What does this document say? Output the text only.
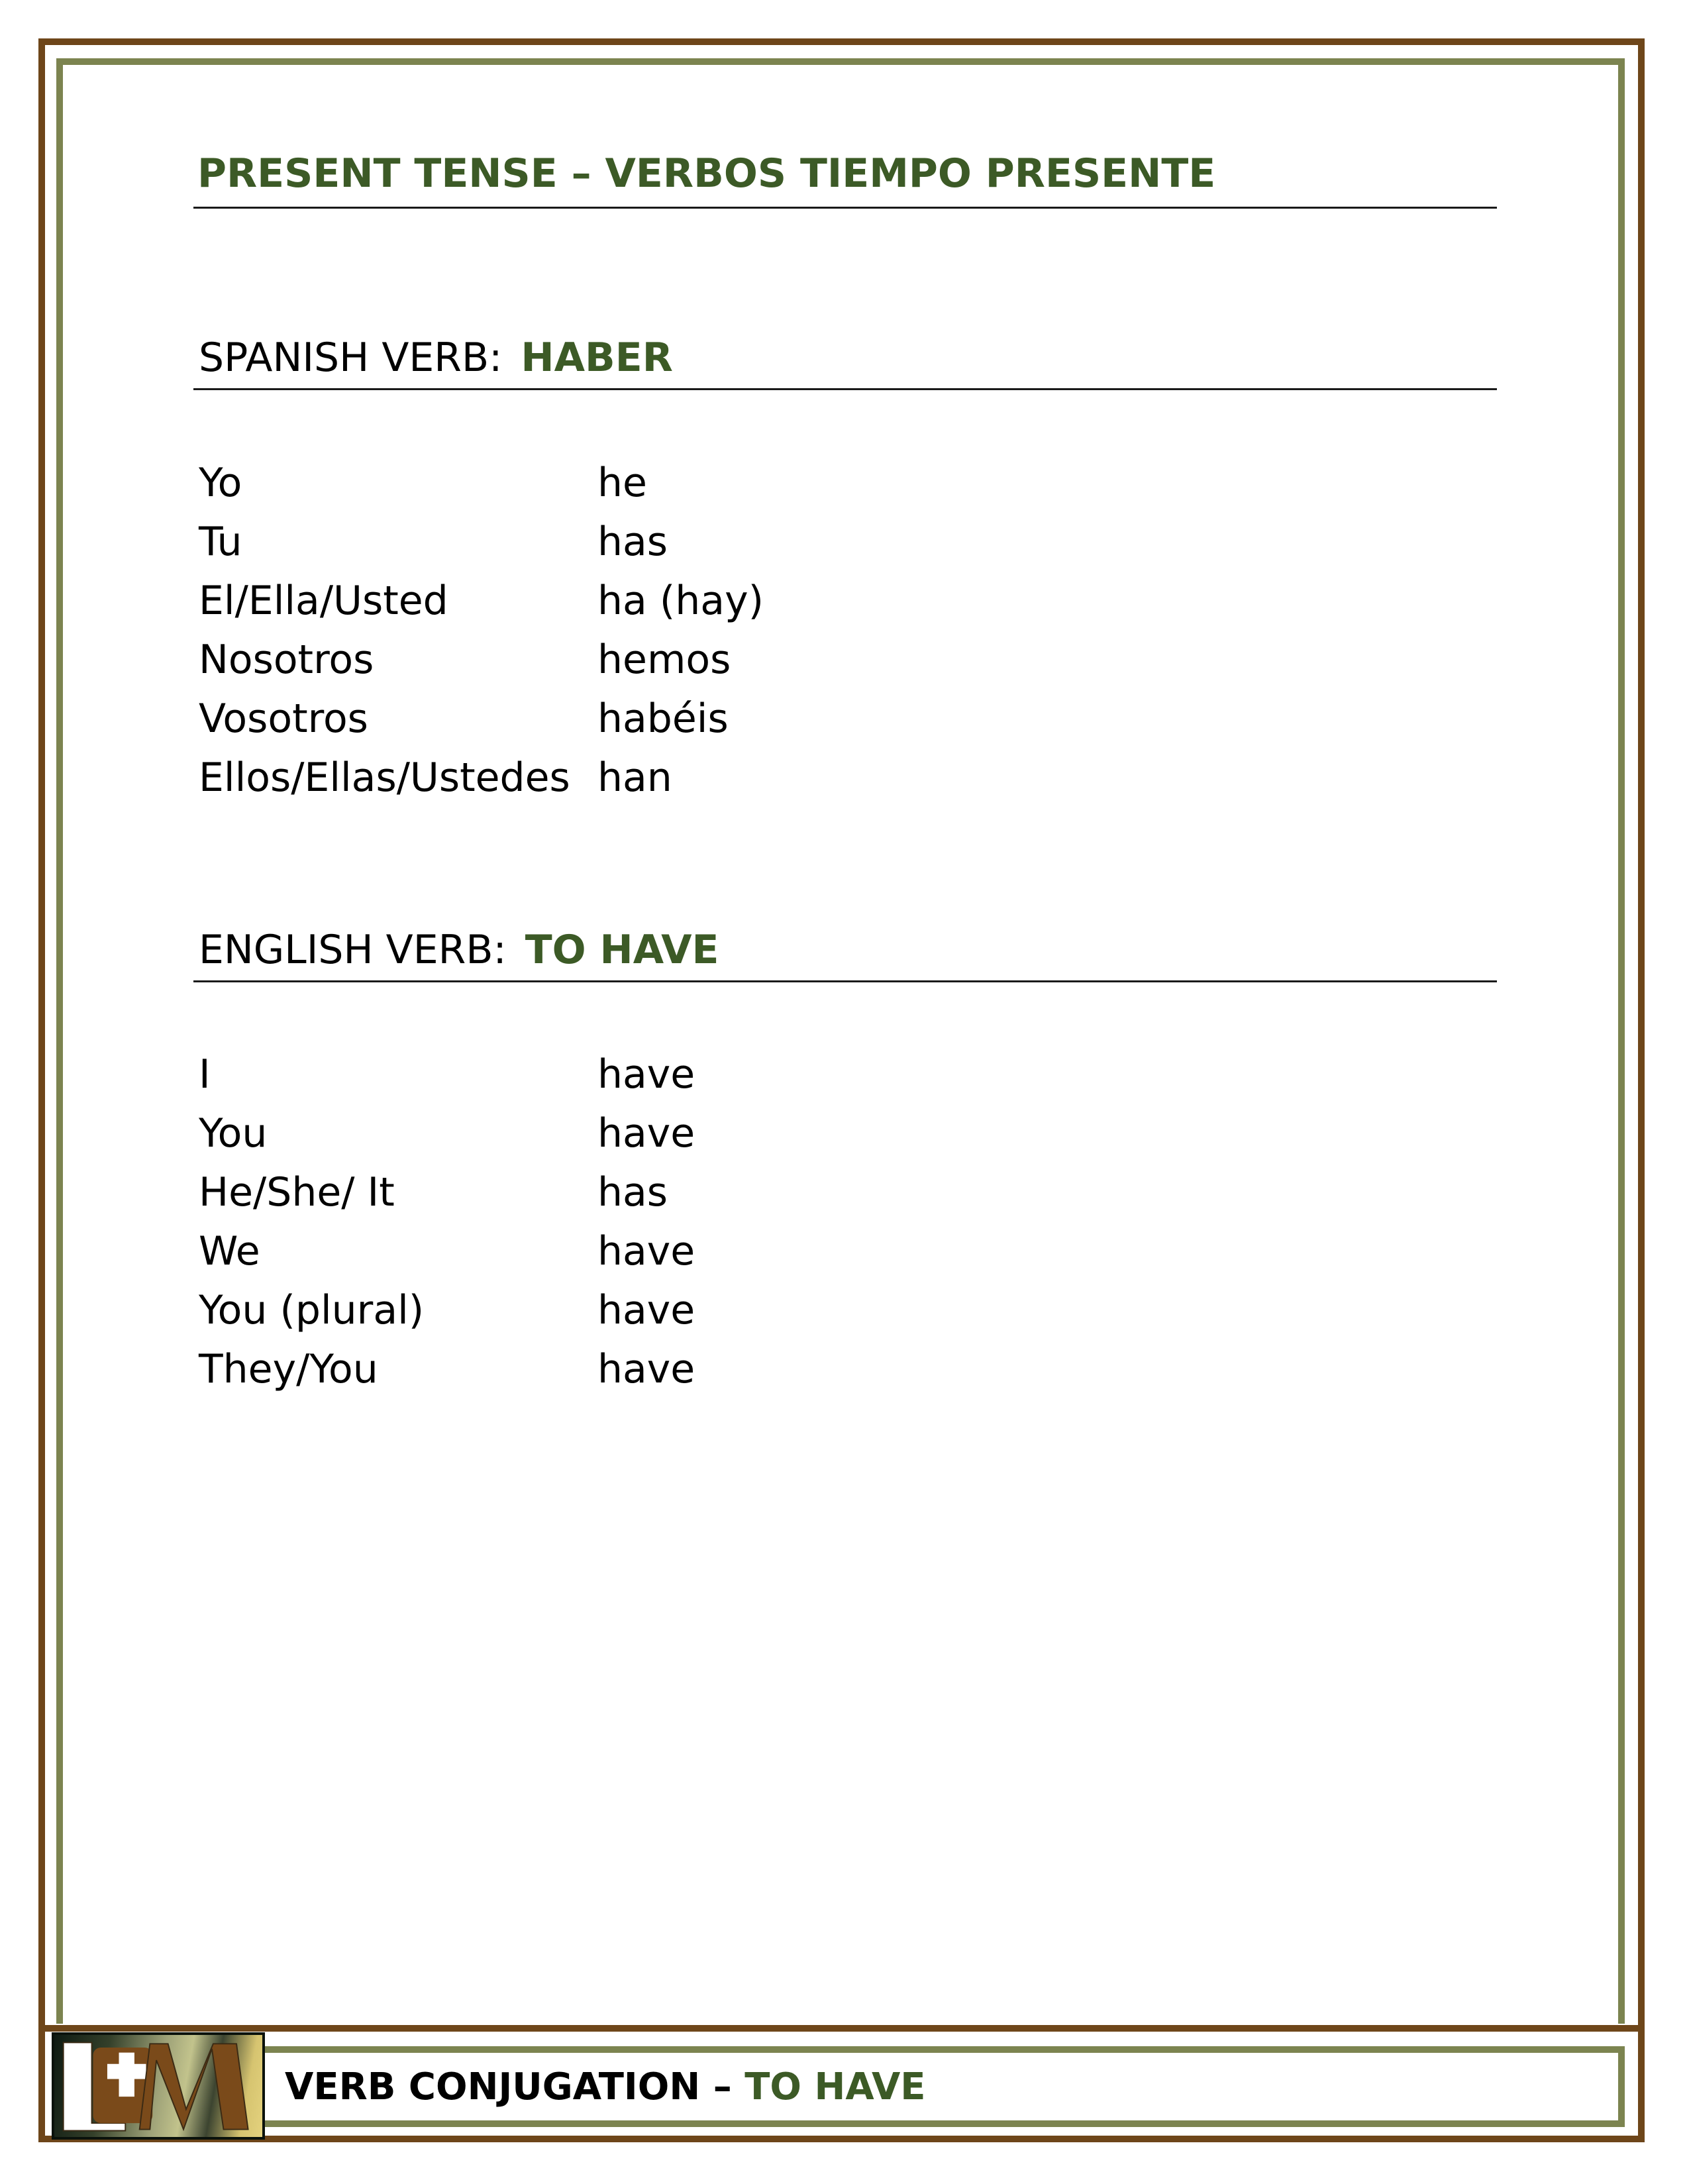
PRESENT TENSE – VERBOS TIEMPO PRESENTE
SPANISH VERB: HABER
Yo	he
Tu	has
El/Ella/Usted	ha (hay)
Nosotros	hemos
Vosotros	habéis
Ellos/Ellas/Ustedes	han
ENGLISH VERB: TO HAVE
I	have
You	have
He/She/ It	has
We	have
You (plural)	have
They/You	have
VERB CONJUGATION – TO HAVE
